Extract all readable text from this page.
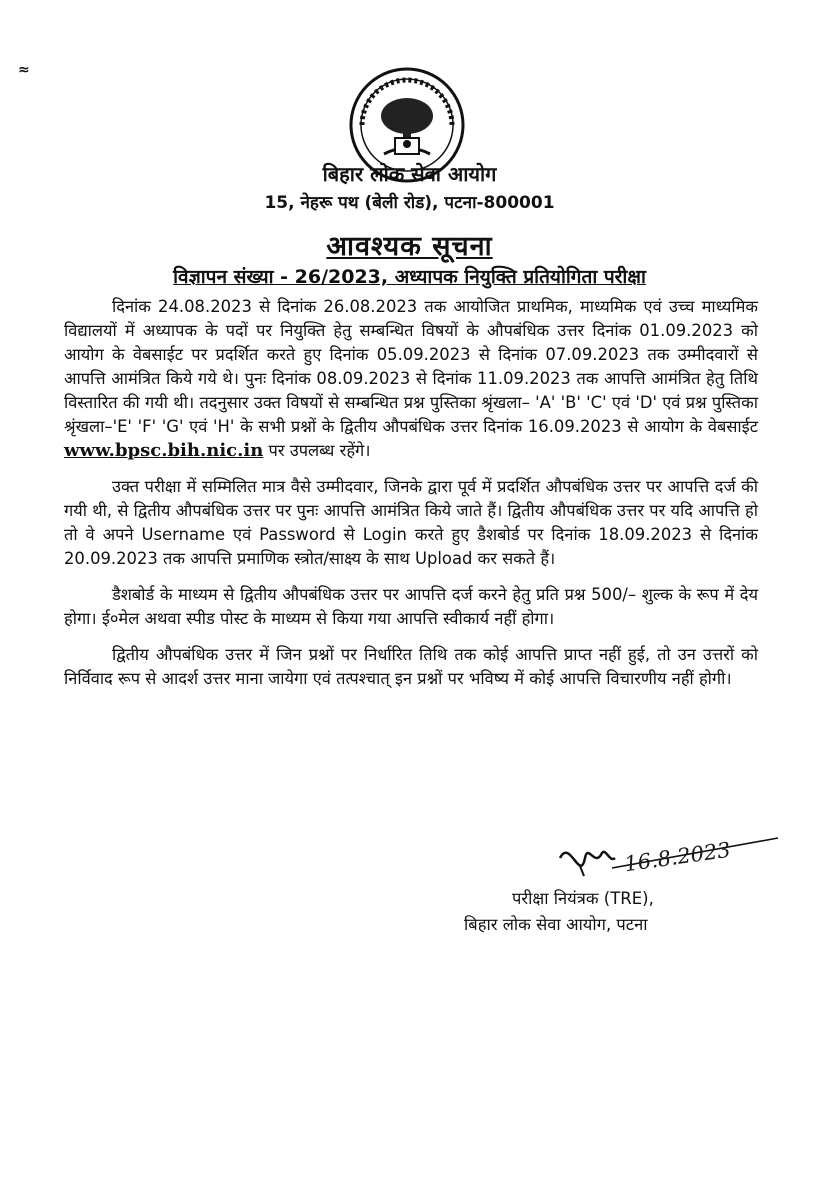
≈
बिहार लोक सेवा आयोग
15, नेहरू पथ (बेली रोड), पटना-800001
आवश्यक सूचना
विज्ञापन संख्या - 26/2023, अध्यापक नियुक्ति प्रतियोगिता परीक्षा

दिनांक 24.08.2023 से दिनांक 26.08.2023 तक आयोजित प्राथमिक, माध्यमिक एवं उच्च माध्यमिक विद्यालयों में अध्यापक के पदों पर नियुक्ति हेतु सम्बन्धित विषयों के औपबंधिक उत्तर दिनांक 01.09.2023 को आयोग के वेबसाईट पर प्रदर्शित करते हुए दिनांक 05.09.2023 से दिनांक 07.09.2023 तक उम्मीदवारों से आपत्ति आमंत्रित किये गये थे। पुनः दिनांक 08.09.2023 से दिनांक 11.09.2023 तक आपत्ति आमंत्रित हेतु तिथि विस्तारित की गयी थी। तदनुसार उक्त विषयों से सम्बन्धित प्रश्न पुस्तिका श्रृंखला– 'A' 'B' 'C' एवं 'D' एवं प्रश्न पुस्तिका श्रृंखला–'E' 'F' 'G' एवं 'H' के सभी प्रश्नों के द्वितीय औपबंधिक उत्तर दिनांक 16.09.2023 से आयोग के वेबसाईट www.bpsc.bih.nic.in पर उपलब्ध रहेंगे।

उक्त परीक्षा में सम्मिलित मात्र वैसे उम्मीदवार, जिनके द्वारा पूर्व में प्रदर्शित औपबंधिक उत्तर पर आपत्ति दर्ज की गयी थी, से द्वितीय औपबंधिक उत्तर पर पुनः आपत्ति आमंत्रित किये जाते हैं। द्वितीय औपबंधिक उत्तर पर यदि आपत्ति हो तो वे अपने Username एवं Password से Login करते हुए डैशबोर्ड पर दिनांक 18.09.2023 से दिनांक 20.09.2023 तक आपत्ति प्रमाणिक स्त्रोत/साक्ष्य के साथ Upload कर सकते हैं।

डैशबोर्ड के माध्यम से द्वितीय औपबंधिक उत्तर पर आपत्ति दर्ज करने हेतु प्रति प्रश्न 500/– शुल्क के रूप में देय होगा। ई०मेल अथवा स्पीड पोस्ट के माध्यम से किया गया आपत्ति स्वीकार्य नहीं होगा।

द्वितीय औपबंधिक उत्तर में जिन प्रश्नों पर निर्धारित तिथि तक कोई आपत्ति प्राप्त नहीं हुई, तो उन उत्तरों को निर्विवाद रूप से आदर्श उत्तर माना जायेगा एवं तत्पश्चात् इन प्रश्नों पर भविष्य में कोई आपत्ति विचारणीय नहीं होगी।

16.8.2023
परीक्षा नियंत्रक (TRE),
बिहार लोक सेवा आयोग, पटना
